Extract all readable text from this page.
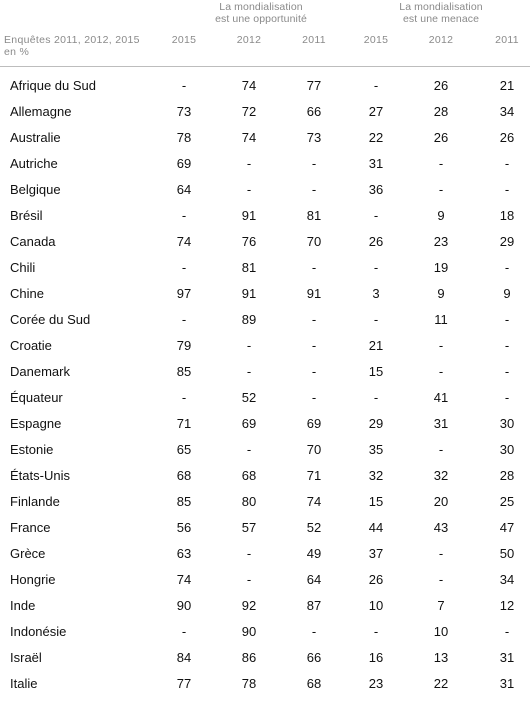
La mondialisation
est une opportunité
La mondialisation
est une menace
Enquêtes 2011, 2012, 2015
en %
2015	2012	2011	2015	2012	2011
Afrique du Sud	-	74	77	-	26	21
Allemagne	73	72	66	27	28	34
Australie	78	74	73	22	26	26
Autriche	69	-	-	31	-	-
Belgique	64	-	-	36	-	-
Brésil	-	91	81	-	9	18
Canada	74	76	70	26	23	29
Chili	-	81	-	-	19	-
Chine	97	91	91	3	9	9
Corée du Sud	-	89	-	-	11	-
Croatie	79	-	-	21	-	-
Danemark	85	-	-	15	-	-
Équateur	-	52	-	-	41	-
Espagne	71	69	69	29	31	30
Estonie	65	-	70	35	-	30
États-Unis	68	68	71	32	32	28
Finlande	85	80	74	15	20	25
France	56	57	52	44	43	47
Grèce	63	-	49	37	-	50
Hongrie	74	-	64	26	-	34
Inde	90	92	87	10	7	12
Indonésie	-	90	-	-	10	-
Israël	84	86	66	16	13	31
Italie	77	78	68	23	22	31
